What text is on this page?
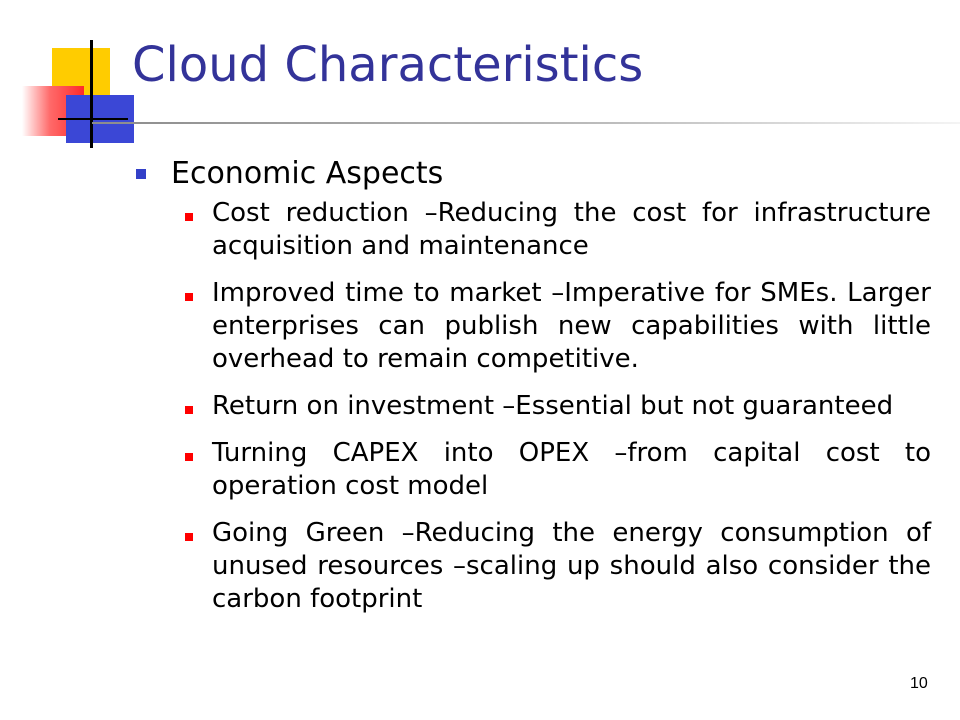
Cloud Characteristics
Economic Aspects
Cost reduction –Reducing the cost for infrastructure acquisition and maintenance
Improved time to market –Imperative for SMEs. Larger enterprises can publish new capabilities with little overhead to remain competitive.
Return on investment –Essential but not guaranteed
Turning CAPEX into OPEX –from capital cost to operation cost model
Going Green –Reducing the energy consumption of unused resources –scaling up should also consider the carbon footprint
10
